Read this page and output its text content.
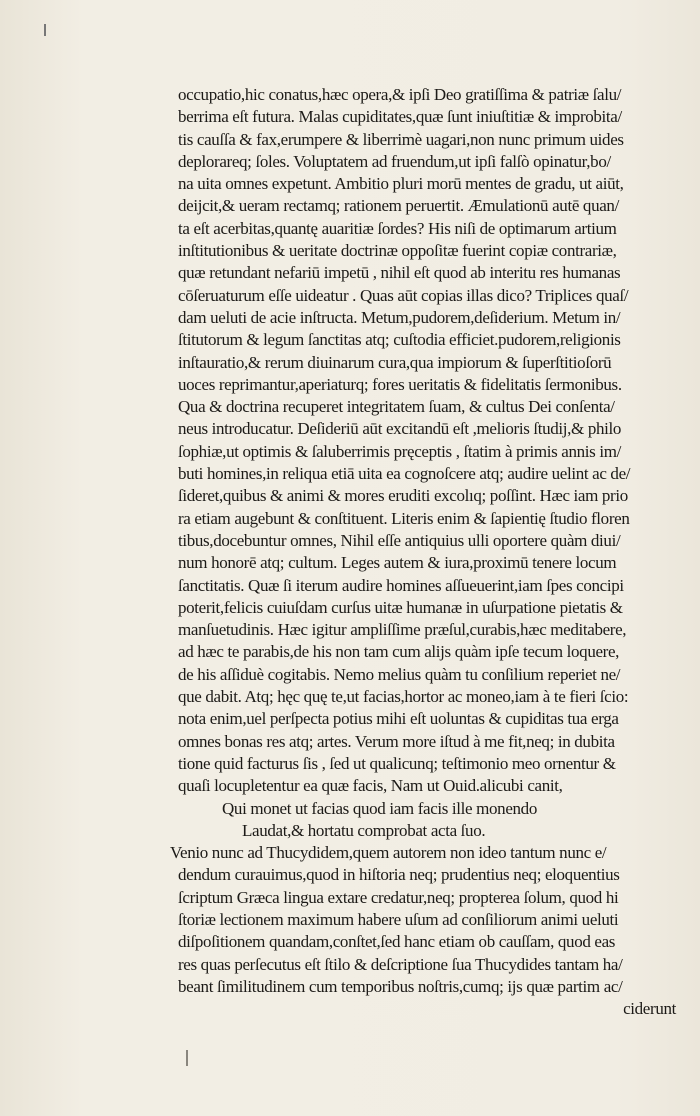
occupatio,hic conatus,hæc opera,& ipſi Deo gratiſſima & patriæ ſalu/
berrima eſt futura. Malas cupiditates,quæ ſunt iniuſtitiæ & improbita/
tis cauſſa & fax,erumpere & liberrimè uagari,non nunc primum uides
deplorareq; ſoles. Voluptatem ad fruendum,ut ipſi falſò opinatur,bo/
na uita omnes expetunt. Ambitio pluri morū mentes de gradu, ut aiūt,
deijcit,& ueram rectamq; rationem peruertit. Æmulationū autē quan/
ta eſt acerbitas,quantę auaritiæ ſordes? His niſi de optimarum artium
inſtitutionibus & ueritate doctrinæ oppoſitæ fuerint copiæ contrariæ,
quæ retundant nefariū impetū , nihil eſt quod ab interitu res humanas
cōſeruaturum eſſe uideatur . Quas aūt copias illas dico? Triplices quaſ/
dam ueluti de acie inſtructa. Metum,pudorem,deſiderium. Metum in/
ſtitutorum & legum ſanctitas atq; cuſtodia efficiet.pudorem,religionis
inſtauratio,& rerum diuinarum cura,qua impiorum & ſuperſtitioſorū
uoces reprimantur,aperiaturq; fores ueritatis & fidelitatis ſermonibus.
Qua & doctrina recuperet integritatem ſuam, & cultus Dei conſenta/
neus introducatur. Deſideriū aūt excitandū eſt ,melioris ſtudij,& philo
ſophiæ,ut optimis & ſaluberrimis pręceptis , ſtatim à primis annis im/
buti homines,in reliqua etiā uita ea cognoſcere atq; audire uelint ac de/
ſideret,quibus & animi & mores eruditi excolıq; poſſint. Hæc iam prio
ra etiam augebunt & conſtituent. Literis enim & ſapientię ſtudio floren
tibus,docebuntur omnes, Nihil eſſe antiquius ulli oportere quàm diui/
num honorē atq; cultum. Leges autem & iura,proximū tenere locum
ſanctitatis. Quæ ſi iterum audire homines aſſueuerint,iam ſpes concipi
poterit,felicis cuiuſdam curſus uitæ humanæ in uſurpatione pietatis &
manſuetudinis. Hæc igitur ampliſſime præſul,curabis,hæc meditabere,
ad hæc te parabis,de his non tam cum alijs quàm ipſe tecum loquere,
de his aſſiduè cogitabis. Nemo melius quàm tu conſilium reperiet ne/
que dabit. Atq; hęc quę te,ut facias,hortor ac moneo,iam à te fieri ſcio:
nota enim,uel perſpecta potius mihi eſt uoluntas & cupiditas tua erga
omnes bonas res atq; artes. Verum more iſtud à me fit,neq; in dubita
tione quid facturus ſis , ſed ut qualicunq; teſtimonio meo ornentur &
quaſi locupletentur ea quæ facis, Nam ut Ouid.alicubi canit,
Qui monet ut facias quod iam facis ille monendo
Laudat,& hortatu comprobat acta ſuo.
Venio nunc ad Thucydidem,quem autorem non ideo tantum nunc e/
dendum curauimus,quod in hiſtoria neq; prudentius neq; eloquentius
ſcriptum Græca lingua extare credatur,neq; propterea ſolum, quod hi
ſtoriæ lectionem maximum habere uſum ad conſiliorum animi ueluti
diſpoſitionem quandam,conſtet,ſed hanc etiam ob cauſſam, quod eas
res quas perſecutus eſt ſtilo & deſcriptione ſua Thucydides tantam ha/
beant ſimilitudinem cum temporibus noſtris,cumq; ijs quæ partim ac/
ciderunt
